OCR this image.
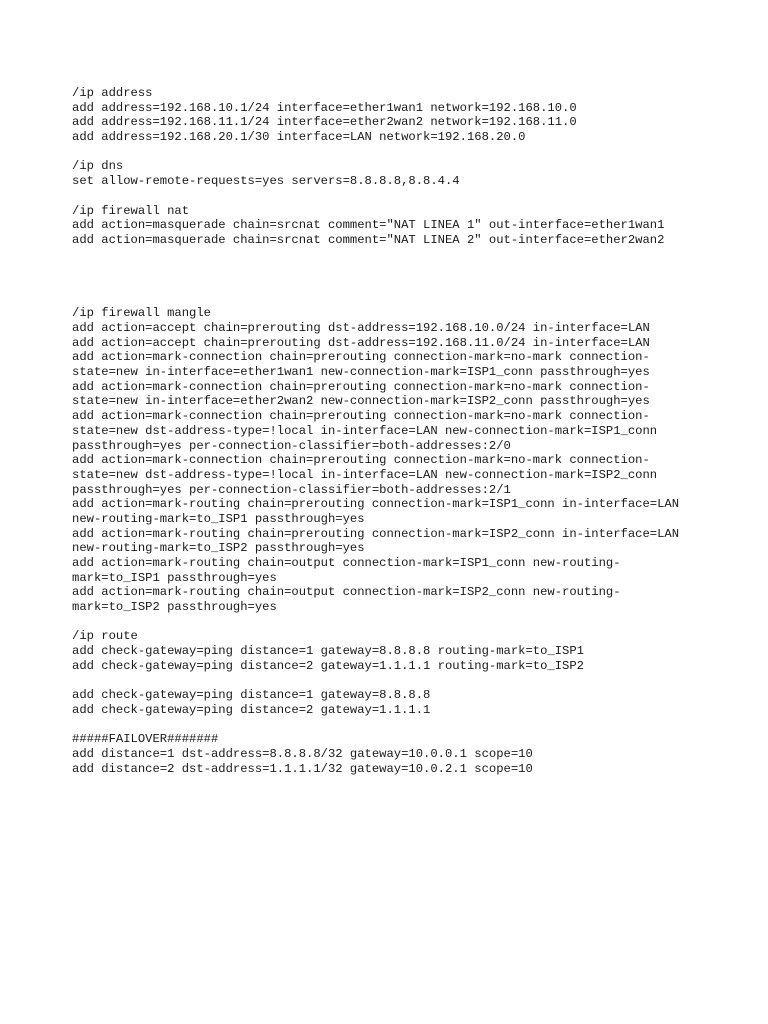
/ip address
add address=192.168.10.1/24 interface=ether1wan1 network=192.168.10.0
add address=192.168.11.1/24 interface=ether2wan2 network=192.168.11.0
add address=192.168.20.1/30 interface=LAN network=192.168.20.0
/ip dns
set allow-remote-requests=yes servers=8.8.8.8,8.8.4.4
/ip firewall nat
add action=masquerade chain=srcnat comment="NAT LINEA 1" out-interface=ether1wan1
add action=masquerade chain=srcnat comment="NAT LINEA 2" out-interface=ether2wan2
/ip firewall mangle
add action=accept chain=prerouting dst-address=192.168.10.0/24 in-interface=LAN
add action=accept chain=prerouting dst-address=192.168.11.0/24 in-interface=LAN
add action=mark-connection chain=prerouting connection-mark=no-mark connection-
state=new in-interface=ether1wan1 new-connection-mark=ISP1_conn passthrough=yes
add action=mark-connection chain=prerouting connection-mark=no-mark connection-
state=new in-interface=ether2wan2 new-connection-mark=ISP2_conn passthrough=yes
add action=mark-connection chain=prerouting connection-mark=no-mark connection-
state=new dst-address-type=!local in-interface=LAN new-connection-mark=ISP1_conn
passthrough=yes per-connection-classifier=both-addresses:2/0
add action=mark-connection chain=prerouting connection-mark=no-mark connection-
state=new dst-address-type=!local in-interface=LAN new-connection-mark=ISP2_conn
passthrough=yes per-connection-classifier=both-addresses:2/1
add action=mark-routing chain=prerouting connection-mark=ISP1_conn in-interface=LAN
new-routing-mark=to_ISP1 passthrough=yes
add action=mark-routing chain=prerouting connection-mark=ISP2_conn in-interface=LAN
new-routing-mark=to_ISP2 passthrough=yes
add action=mark-routing chain=output connection-mark=ISP1_conn new-routing-
mark=to_ISP1 passthrough=yes
add action=mark-routing chain=output connection-mark=ISP2_conn new-routing-
mark=to_ISP2 passthrough=yes
/ip route
add check-gateway=ping distance=1 gateway=8.8.8.8 routing-mark=to_ISP1
add check-gateway=ping distance=2 gateway=1.1.1.1 routing-mark=to_ISP2
add check-gateway=ping distance=1 gateway=8.8.8.8
add check-gateway=ping distance=2 gateway=1.1.1.1
#####FAILOVER#######
add distance=1 dst-address=8.8.8.8/32 gateway=10.0.0.1 scope=10
add distance=2 dst-address=1.1.1.1/32 gateway=10.0.2.1 scope=10
